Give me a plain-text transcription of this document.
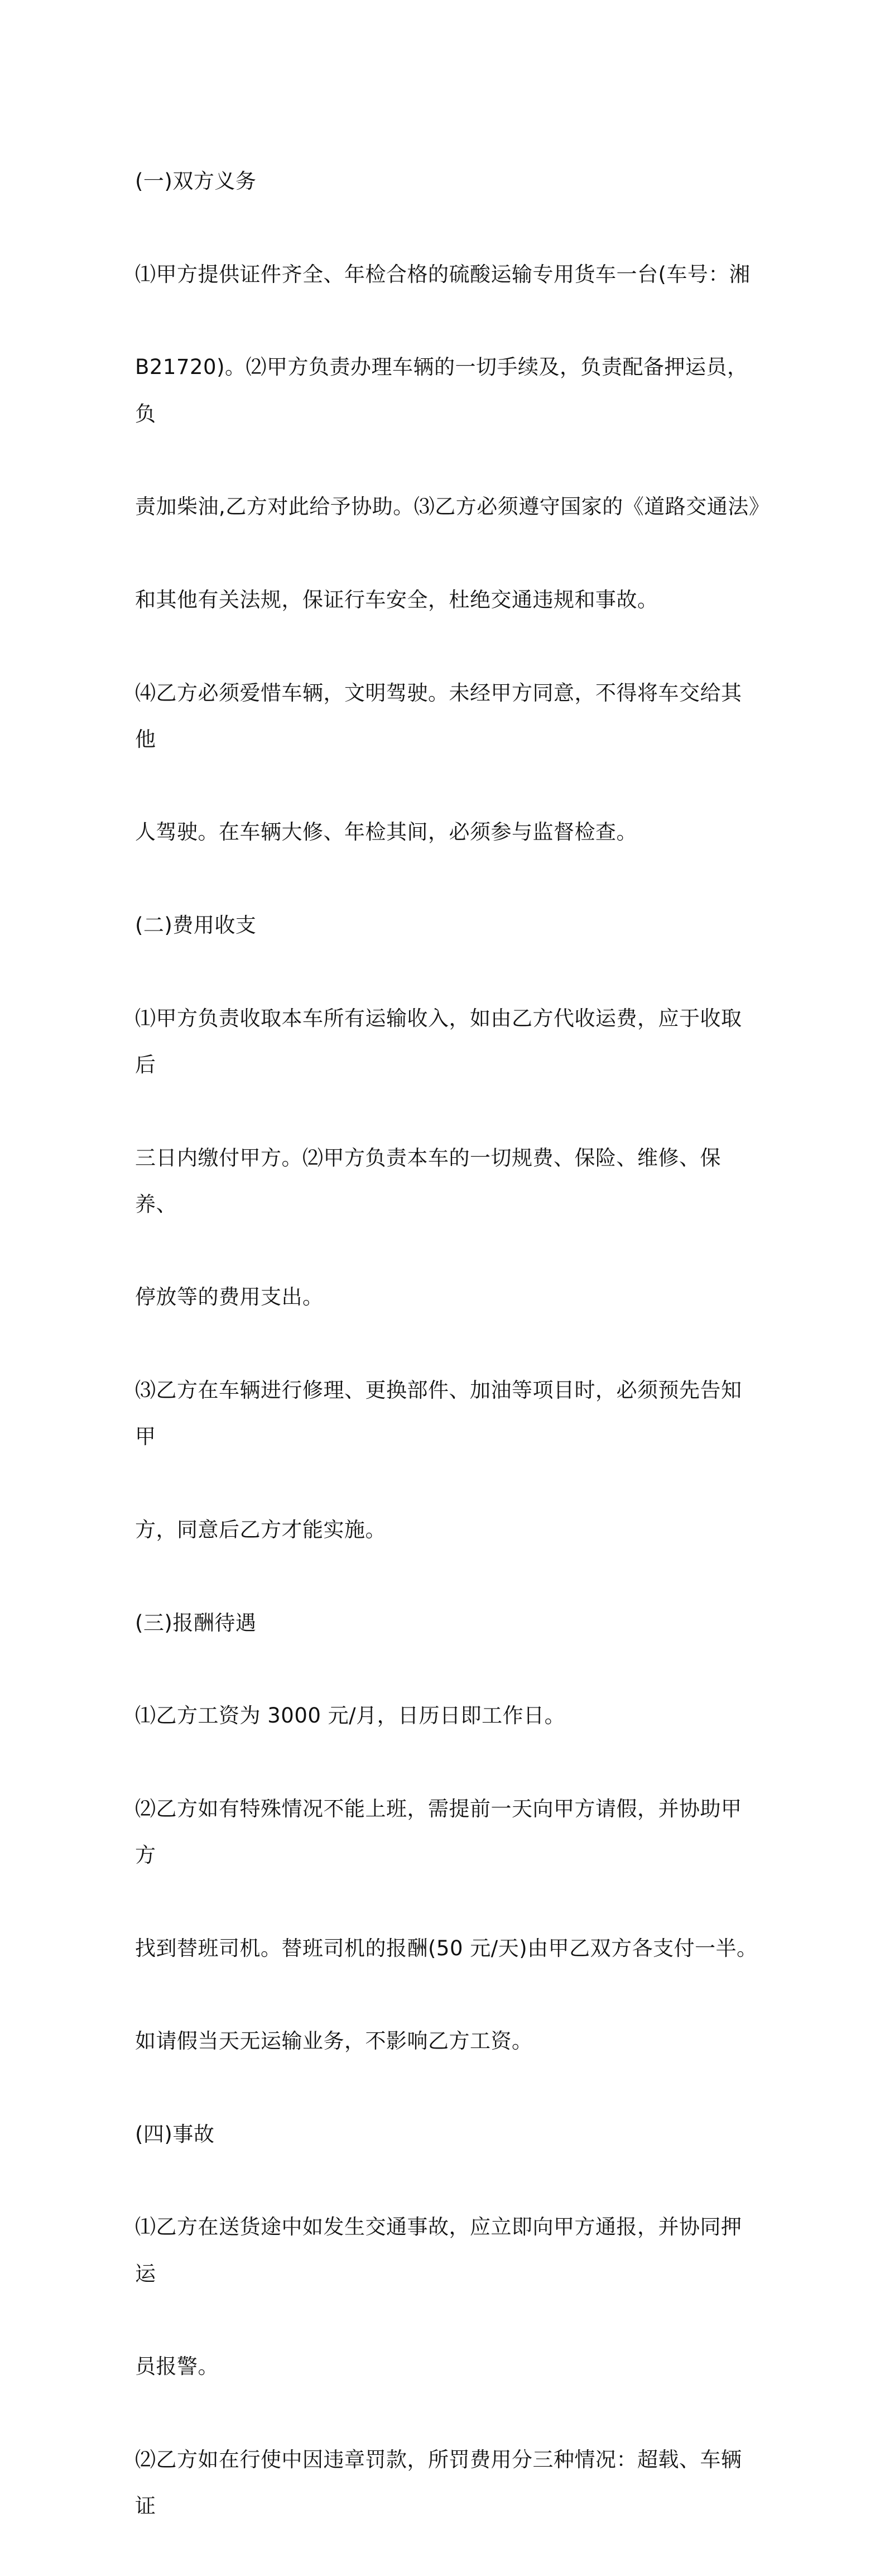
(一)双方义务

⑴甲方提供证件齐全、年检合格的硫酸运输专用货车一台(车号：湘

B21720)。⑵甲方负责办理车辆的一切手续及，负责配备押运员，负

责加柴油,乙方对此给予协助。⑶乙方必须遵守国家的《道路交通法》

和其他有关法规，保证行车安全，杜绝交通违规和事故。

⑷乙方必须爱惜车辆，文明驾驶。未经甲方同意，不得将车交给其他

人驾驶。在车辆大修、年检其间，必须参与监督检查。

(二)费用收支

⑴甲方负责收取本车所有运输收入，如由乙方代收运费，应于收取后

三日内缴付甲方。⑵甲方负责本车的一切规费、保险、维修、保养、

停放等的费用支出。

⑶乙方在车辆进行修理、更换部件、加油等项目时，必须预先告知甲

方，同意后乙方才能实施。

(三)报酬待遇

⑴乙方工资为 3000 元/月，日历日即工作日。

⑵乙方如有特殊情况不能上班，需提前一天向甲方请假，并协助甲方

找到替班司机。替班司机的报酬(50 元/天)由甲乙双方各支付一半。

如请假当天无运输业务，不影响乙方工资。

(四)事故

⑴乙方在送货途中如发生交通事故，应立即向甲方通报，并协同押运

员报警。

⑵乙方如在行使中因违章罚款，所罚费用分三种情况：超载、车辆证
